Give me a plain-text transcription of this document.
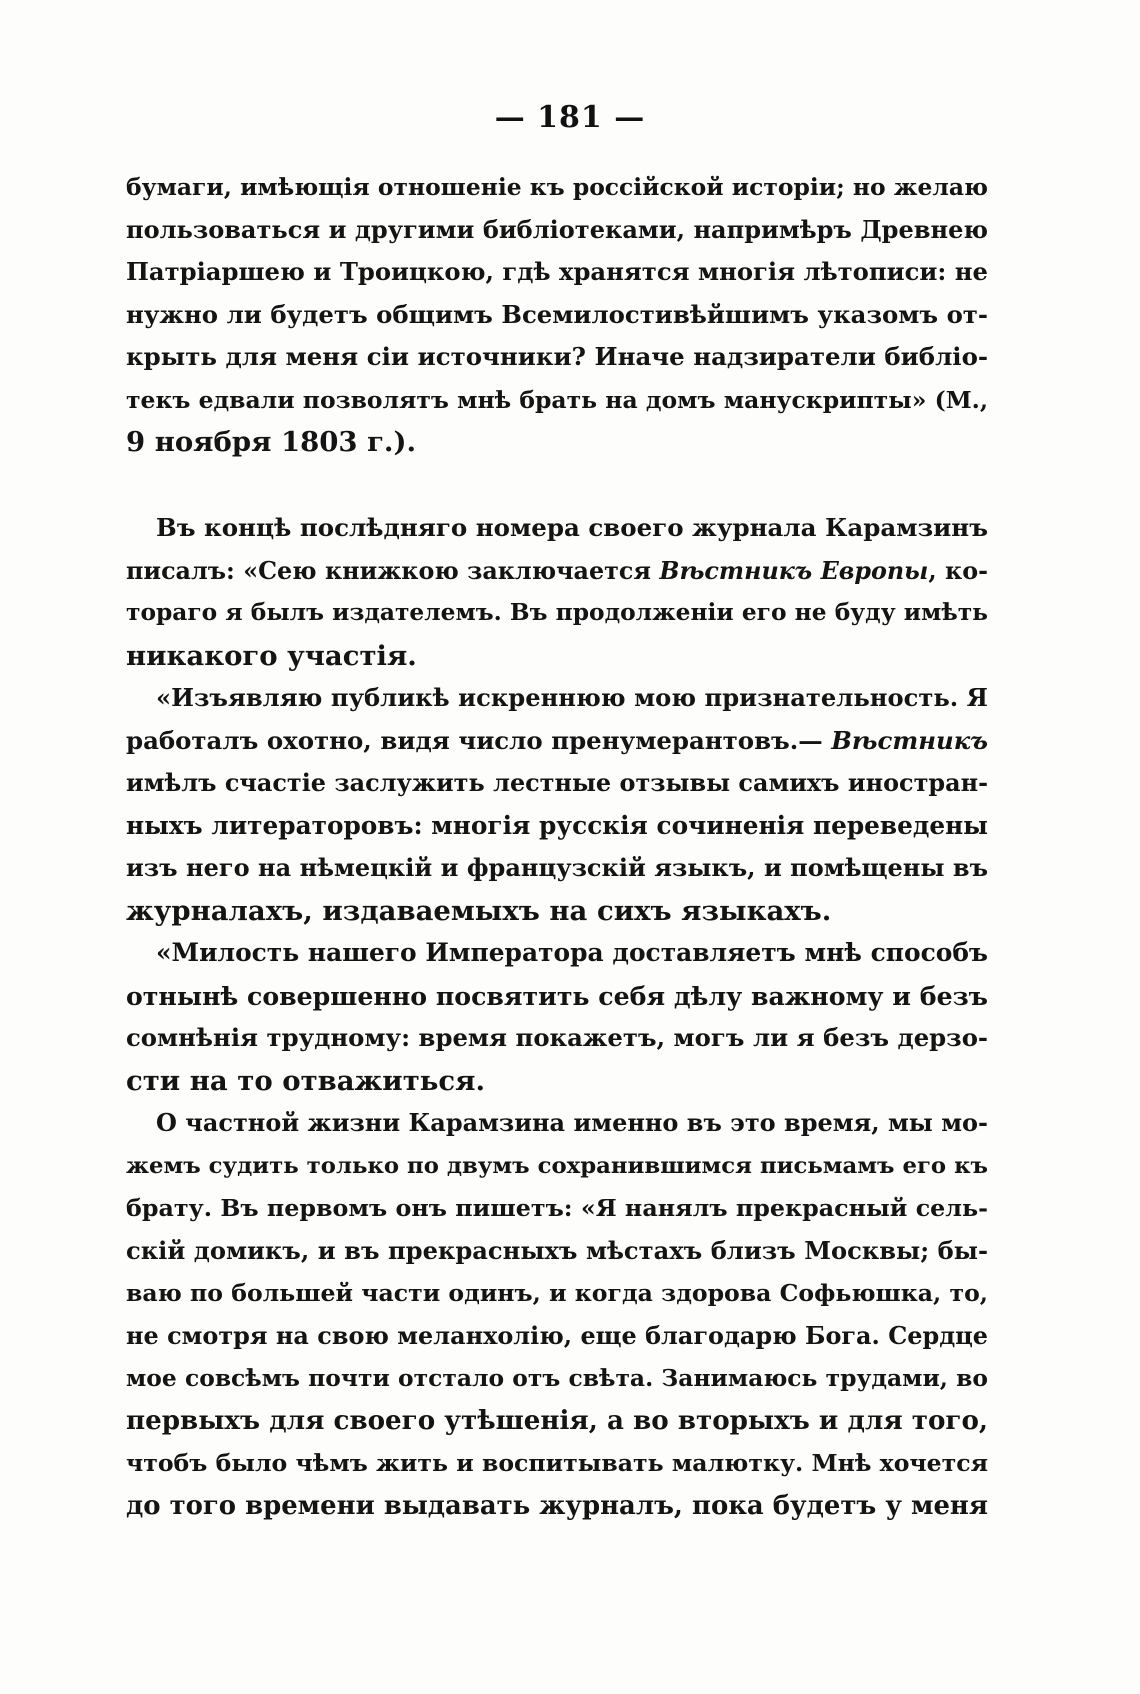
— 181 —
бумаги, имѣющія отношеніе къ россійской исторіи; но желаю
пользоваться и другими библіотеками, напримѣръ Древнею
Патріаршею и Троицкою, гдѣ хранятся многія лѣтописи: не
нужно ли будетъ общимъ Всемилостивѣйшимъ указомъ от-
крыть для меня сіи источники? Иначе надзиратели библіо-
текъ едвали позволятъ мнѣ брать на домъ манускрипты» (М.,
9 ноября 1803 г.).
Въ концѣ послѣдняго номера своего журнала Карамзинъ
писалъ: «Сею книжкою заключается Вѣстникъ Европы, ко-
тораго я былъ издателемъ. Въ продолженіи его не буду имѣть
никакого участія.
«Изъявляю публикѣ искреннюю мою признательность. Я
работалъ охотно, видя число пренумерантовъ.— Вѣстникъ
имѣлъ счастіе заслужить лестные отзывы самихъ иностран-
ныхъ литераторовъ: многія русскія сочиненія переведены
изъ него на нѣмецкій и французскій языкъ, и помѣщены въ
журналахъ, издаваемыхъ на сихъ языкахъ.
«Милость нашего Императора доставляетъ мнѣ способъ
отнынѣ совершенно посвятить себя дѣлу важному и безъ
сомнѣнія трудному: время покажетъ, могъ ли я безъ дерзо-
сти на то отважиться.
О частной жизни Карамзина именно въ это время, мы мо-
жемъ судить только по двумъ сохранившимся письмамъ его къ
брату. Въ первомъ онъ пишетъ: «Я нанялъ прекрасный сель-
скій домикъ, и въ прекрасныхъ мѣстахъ близъ Москвы; бы-
ваю по большей части одинъ, и когда здорова Софьюшка, то,
не смотря на свою меланхолію, еще благодарю Бога. Сердце
мое совсѣмъ почти отстало отъ свѣта. Занимаюсь трудами, во
первыхъ для своего утѣшенія, а во вторыхъ и для того,
чтобъ было чѣмъ жить и воспитывать малютку. Мнѣ хочется
до того времени выдавать журналъ, пока будетъ у меня
